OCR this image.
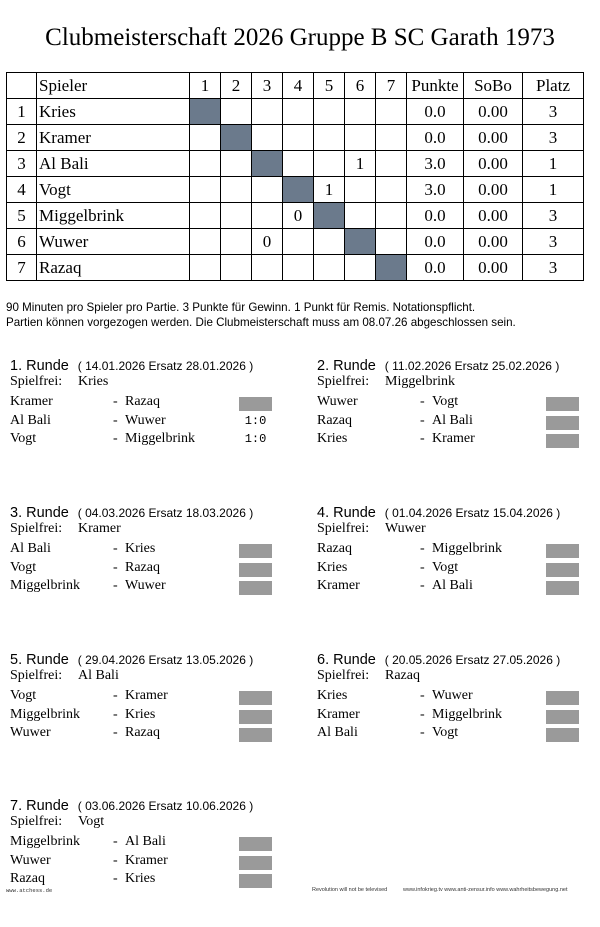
Clubmeisterschaft 2026 Gruppe B SC Garath 1973
	Spieler	1	2	3	4	5	6	7	Punkte	SoBo	Platz
1	Kries								0.0	0.00	3
2	Kramer								0.0	0.00	3
3	Al Bali						1		3.0	0.00	1
4	Vogt					1			3.0	0.00	1
5	Miggelbrink				0				0.0	0.00	3
6	Wuwer			0					0.0	0.00	3
7	Razaq								0.0	0.00	3
90 Minuten pro Spieler pro Partie. 3 Punkte für Gewinn. 1 Punkt für Remis. Notationspflicht.
Partien können vorgezogen werden. Die Clubmeisterschaft muss am 08.07.26 abgeschlossen sein.
1. Runde ( 14.01.2026 Ersatz 28.01.2026 )
Spielfrei: Kries
Kramer	- Razaq
Al Bali	- Wuwer	1:0
Vogt	- Miggelbrink	1:0
2. Runde ( 11.02.2026 Ersatz 25.02.2026 )
Spielfrei: Miggelbrink
Wuwer	- Vogt
Razaq	- Al Bali
Kries	- Kramer
3. Runde ( 04.03.2026 Ersatz 18.03.2026 )
Spielfrei: Kramer
Al Bali	- Kries
Vogt	- Razaq
Miggelbrink - Wuwer
4. Runde ( 01.04.2026 Ersatz 15.04.2026 )
Spielfrei: Wuwer
Razaq	- Miggelbrink
Kries	- Vogt
Kramer	- Al Bali
5. Runde ( 29.04.2026 Ersatz 13.05.2026 )
Spielfrei: Al Bali
Vogt	- Kramer
Miggelbrink - Kries
Wuwer	- Razaq
6. Runde ( 20.05.2026 Ersatz 27.05.2026 )
Spielfrei: Razaq
Kries	- Wuwer
Kramer	- Miggelbrink
Al Bali	- Vogt
7. Runde ( 03.06.2026 Ersatz 10.06.2026 )
Spielfrei: Vogt
Miggelbrink - Al Bali
Wuwer	- Kramer
Razaq	- Kries
www.atchess.de	Revolution will not be televised	www.infokrieg.tv www.anti-zensur.info www.wahrheitsbewegung.net
